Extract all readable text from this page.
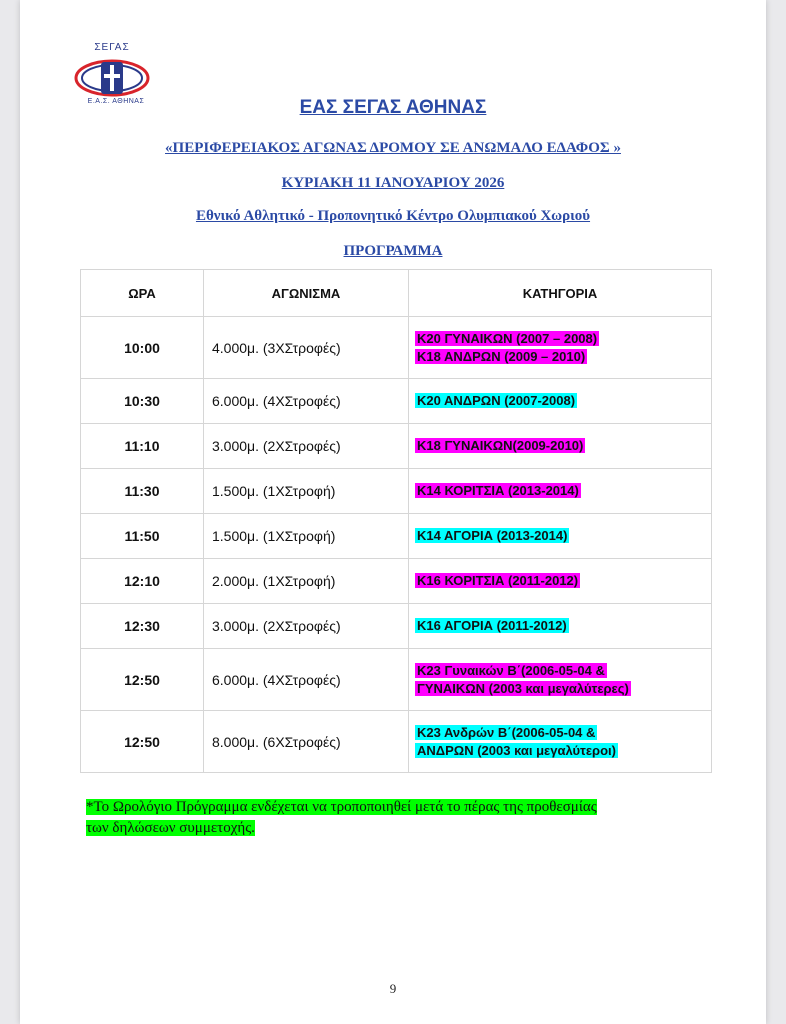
ΣΕΓΑΣ
Ε.Α.Σ. ΑΘΗΝΑΣ	ΕΑΣ ΣΕΓΑΣ ΑΘΗΝΑΣ
«ΠΕΡΙΦΕΡΕΙΑΚΟΣ ΑΓΩΝΑΣ ΔΡΟΜΟΥ ΣΕ ΑΝΩΜΑΛΟ ΕΔΑΦΟΣ »
ΚΥΡΙΑΚΗ 11 ΙΑΝΟΥΑΡΙΟΥ 2026
Εθνικό Αθλητικό - Προπονητικό Κέντρο Ολυμπιακού Χωριού
ΠΡΟΓΡΑΜΜΑ
ΩΡΑ	ΑΓΩΝΙΣΜΑ	ΚΑΤΗΓΟΡΙΑ
10:00	4.000μ. (3ΧΣτροφές)	Κ20 ΓΥΝΑΙΚΩΝ (2007 – 2008)
Κ18 ΑΝΔΡΩΝ (2009 – 2010)

10:30	6.000μ. (4ΧΣτροφές)	Κ20 ΑΝΔΡΩΝ (2007-2008)
11:10	3.000μ. (2ΧΣτροφές)	Κ18 ΓΥΝΑΙΚΩΝ(2009-2010)
11:30	1.500μ. (1ΧΣτροφή)	Κ14 ΚΟΡΙΤΣΙΑ (2013-2014)
11:50	1.500μ. (1ΧΣτροφή)	Κ14 ΑΓΟΡΙΑ (2013-2014)
12:10	2.000μ. (1ΧΣτροφή)	Κ16 ΚΟΡΙΤΣΙΑ (2011-2012)
12:30	3.000μ. (2ΧΣτροφές)	Κ16 ΑΓΟΡΙΑ (2011-2012)
12:50	6.000μ. (4ΧΣτροφές)	Κ23 Γυναικών Β΄(2006-05-04 &
ΓΥΝΑΙΚΩΝ (2003 και μεγαλύτερες)

12:50	8.000μ. (6ΧΣτροφές)	Κ23 Ανδρών Β΄(2006-05-04 &
ΑΝΔΡΩΝ (2003 και μεγαλύτεροι)
*Το Ωρολόγιο Πρόγραμμα ενδέχεται να τροποποιηθεί μετά το πέρας της προθεσμίας
των δηλώσεων συμμετοχής.
9
